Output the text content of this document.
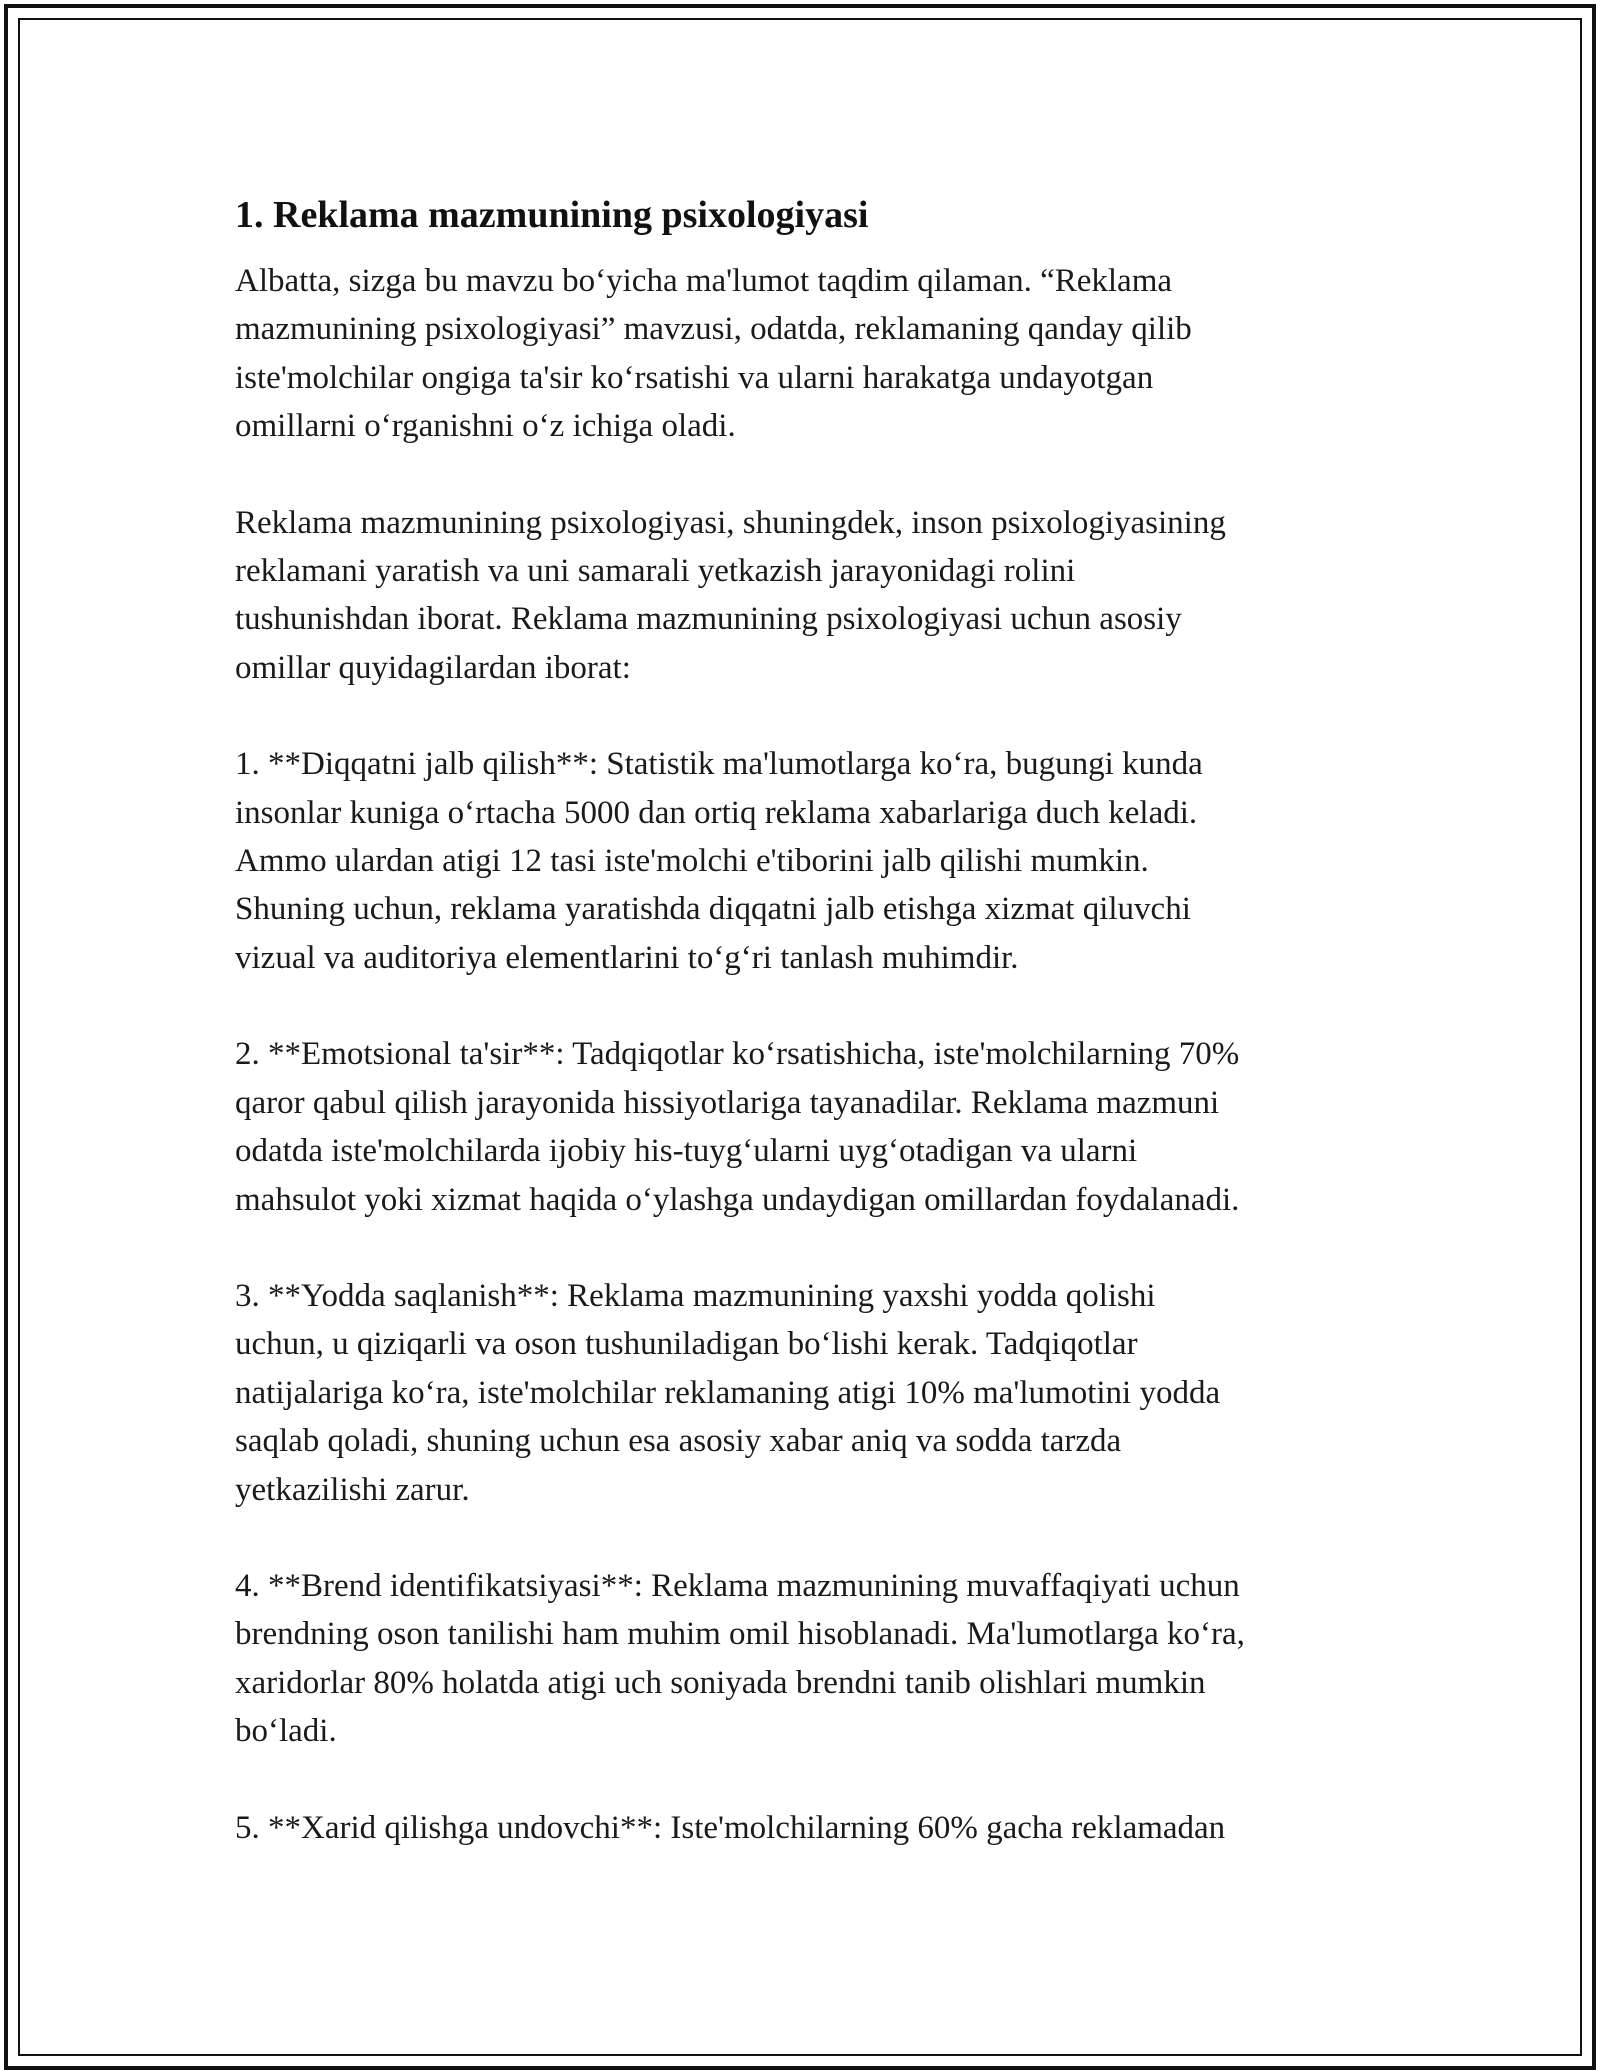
1. Reklama mazmunining psixologiyasi

Albatta, sizga bu mavzu bo‘yicha ma'lumot taqdim qilaman. “Reklama
mazmunining psixologiyasi” mavzusi, odatda, reklamaning qanday qilib
iste'molchilar ongiga ta'sir ko‘rsatishi va ularni harakatga undayotgan
omillarni o‘rganishni o‘z ichiga oladi.

Reklama mazmunining psixologiyasi, shuningdek, inson psixologiyasining
reklamani yaratish va uni samarali yetkazish jarayonidagi rolini
tushunishdan iborat. Reklama mazmunining psixologiyasi uchun asosiy
omillar quyidagilardan iborat:

1. **Diqqatni jalb qilish**: Statistik ma'lumotlarga ko‘ra, bugungi kunda
insonlar kuniga o‘rtacha 5000 dan ortiq reklama xabarlariga duch keladi.
Ammo ulardan atigi 12 tasi iste'molchi e'tiborini jalb qilishi mumkin.
Shuning uchun, reklama yaratishda diqqatni jalb etishga xizmat qiluvchi
vizual va auditoriya elementlarini to‘g‘ri tanlash muhimdir.

2. **Emotsional ta'sir**: Tadqiqotlar ko‘rsatishicha, iste'molchilarning 70%
qaror qabul qilish jarayonida hissiyotlariga tayanadilar. Reklama mazmuni
odatda iste'molchilarda ijobiy his-tuyg‘ularni uyg‘otadigan va ularni
mahsulot yoki xizmat haqida o‘ylashga undaydigan omillardan foydalanadi.

3. **Yodda saqlanish**: Reklama mazmunining yaxshi yodda qolishi
uchun, u qiziqarli va oson tushuniladigan bo‘lishi kerak. Tadqiqotlar
natijalariga ko‘ra, iste'molchilar reklamaning atigi 10% ma'lumotini yodda
saqlab qoladi, shuning uchun esa asosiy xabar aniq va sodda tarzda
yetkazilishi zarur.

4. **Brend identifikatsiyasi**: Reklama mazmunining muvaffaqiyati uchun
brendning oson tanilishi ham muhim omil hisoblanadi. Ma'lumotlarga ko‘ra,
xaridorlar 80% holatda atigi uch soniyada brendni tanib olishlari mumkin
bo‘ladi.

5. **Xarid qilishga undovchi**: Iste'molchilarning 60% gacha reklamadan
